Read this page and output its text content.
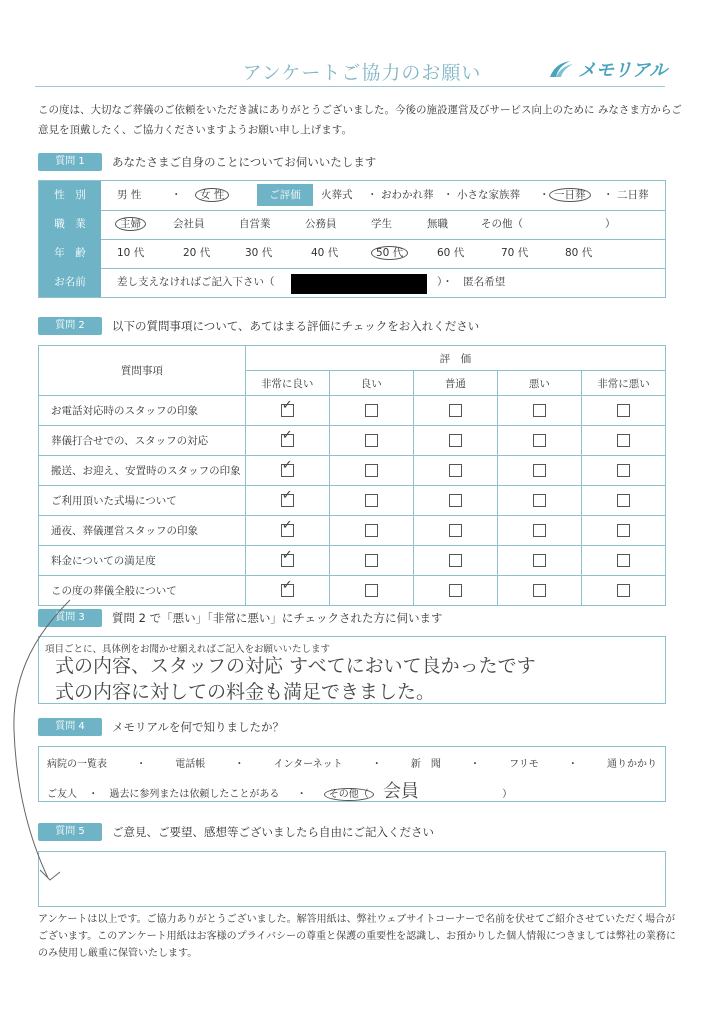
アンケートご協力のお願い	メモリアル
この度は、大切なご葬儀のご依頼をいただき誠にありがとうございました。今後の施設運営及びサービス向上のために みなさま方からご意見を頂戴したく、ご協力くださいますようお願い申し上げます。
質問 1	あなたさまご自身のことについてお伺いいたします
性　別	男 性	・	女 性	ご評価	火葬式 ・ おわかれ葬 ・ 小さな家族葬 ・ 一日葬	・ 二日葬
職　業	主婦	会社員	自営業	公務員	学生	無職	その他（	）
年　齢	10 代	20 代	30 代	40 代	50 代	60 代	70 代	80 代
お名前	差し支えなければご記入下さい（	）・　匿名希望
質問 2	以下の質問事項について、あてはまる評価にチェックをお入れください
質問事項	評　価				
	非常に良い	良い	普通	悪い	非常に悪い
お電話対応時のスタッフの印象	✓				
葬儀打合せでの、スタッフの対応	✓				
搬送、お迎え、安置時のスタッフの印象	✓				
ご利用頂いた式場について	✓				
通夜、葬儀運営スタッフの印象	✓				
料金についての満足度	✓				
この度の葬儀全般について	✓				
質問 3	質問 2 で「悪い」「非常に悪い」にチェックされた方に伺います
項目ごとに、具体例をお聞かせ願えればご記入をお願いいたします
式の内容、スタッフの対応 すべてにおいて良かったです
式の内容に対しての料金も満足できました。
質問 4	メモリアルを何で知りましたか？
病院の一覧表	・	電話帳	・	インターネット	・	新　聞	・	フリモ	・	通りかかり
ご友人 ・ 過去に参列または依頼したことがある ・ その他（ 会員	）
質問 5	ご意見、ご要望、感想等ございましたら自由にご記入ください
アンケートは以上です。ご協力ありがとうございました。解答用紙は、弊社ウェブサイトコーナーで名前を伏せてご紹介させていただく場合がございます。このアンケート用紙はお客様のプライバシーの尊重と保護の重要性を認識し、お預かりした個人情報につきましては弊社の業務にのみ使用し厳重に保管いたします。
